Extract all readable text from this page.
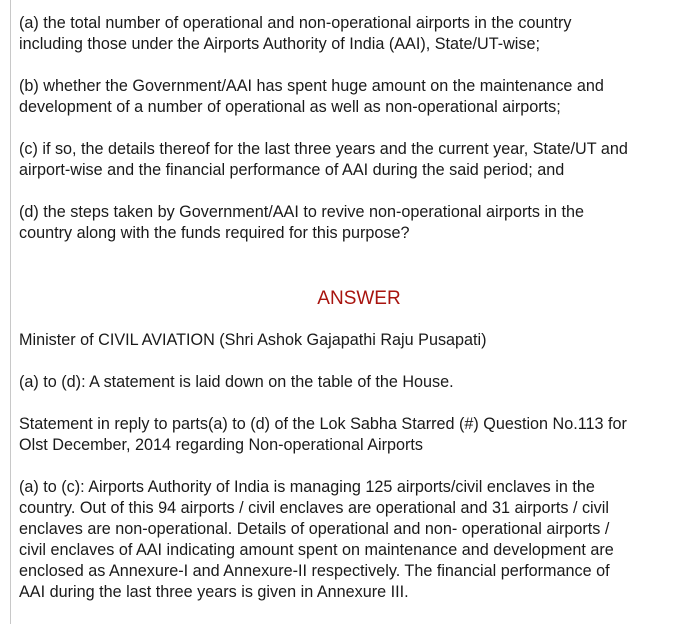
(a) the total number of operational and non-operational airports in the country
including those under the Airports Authority of India (AAI), State/UT-wise;

(b) whether the Government/AAI has spent huge amount on the maintenance and
development of a number of operational as well as non-operational airports;

(c) if so, the details thereof for the last three years and the current year, State/UT and
airport-wise and the financial performance of AAI during the said period; and

(d) the steps taken by Government/AAI to revive non-operational airports in the
country along with the funds required for this purpose?

ANSWER

Minister of CIVIL AVIATION (Shri Ashok Gajapathi Raju Pusapati)

(a) to (d): A statement is laid down on the table of the House.

Statement in reply to parts(a) to (d) of the Lok Sabha Starred (#) Question No.113 for
Olst December, 2014 regarding Non-operational Airports

(a) to (c): Airports Authority of India is managing 125 airports/civil enclaves in the
country. Out of this 94 airports / civil enclaves are operational and 31 airports / civil
enclaves are non-operational. Details of operational and non- operational airports /
civil enclaves of AAI indicating amount spent on maintenance and development are
enclosed as Annexure-I and Annexure-II respectively. The financial performance of
AAI during the last three years is given in Annexure III.
